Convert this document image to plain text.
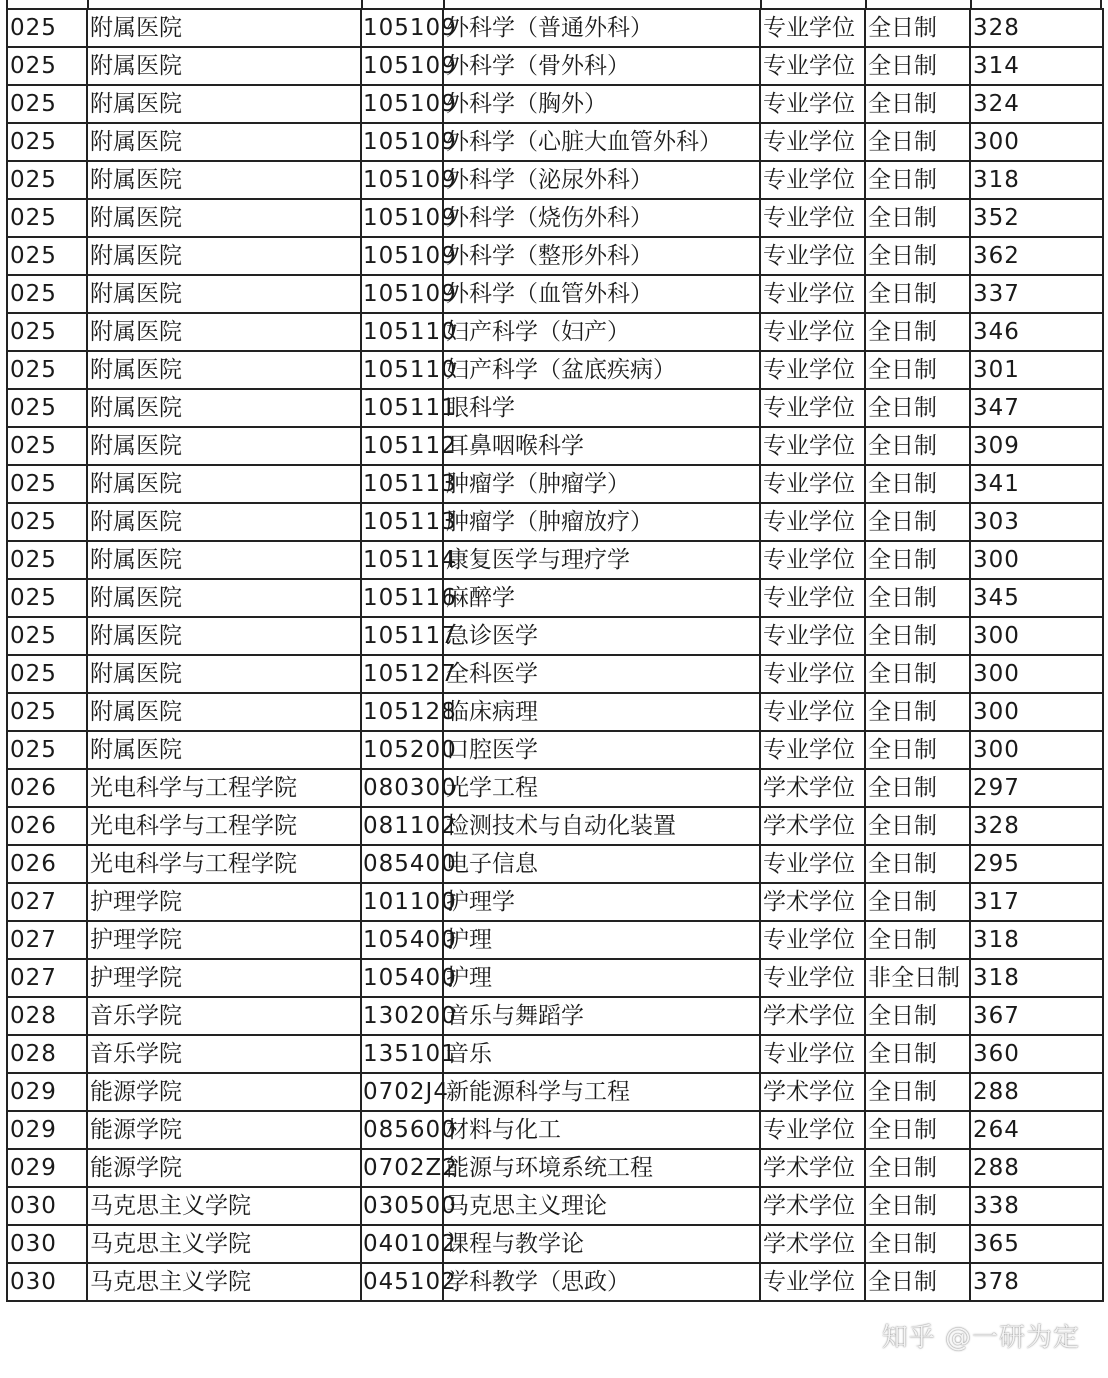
025	附属医院	105109	外科学（普通外科）	专业学位	全日制	328
025	附属医院	105109	外科学（骨外科）	专业学位	全日制	314
025	附属医院	105109	外科学（胸外）	专业学位	全日制	324
025	附属医院	105109	外科学（心脏大血管外科）	专业学位	全日制	300
025	附属医院	105109	外科学（泌尿外科）	专业学位	全日制	318
025	附属医院	105109	外科学（烧伤外科）	专业学位	全日制	352
025	附属医院	105109	外科学（整形外科）	专业学位	全日制	362
025	附属医院	105109	外科学（血管外科）	专业学位	全日制	337
025	附属医院	105110	妇产科学（妇产）	专业学位	全日制	346
025	附属医院	105110	妇产科学（盆底疾病）	专业学位	全日制	301
025	附属医院	105111	眼科学	专业学位	全日制	347
025	附属医院	105112	耳鼻咽喉科学	专业学位	全日制	309
025	附属医院	105113	肿瘤学（肿瘤学）	专业学位	全日制	341
025	附属医院	105113	肿瘤学（肿瘤放疗）	专业学位	全日制	303
025	附属医院	105114	康复医学与理疗学	专业学位	全日制	300
025	附属医院	105116	麻醉学	专业学位	全日制	345
025	附属医院	105117	急诊医学	专业学位	全日制	300
025	附属医院	105127	全科医学	专业学位	全日制	300
025	附属医院	105128	临床病理	专业学位	全日制	300
025	附属医院	105200	口腔医学	专业学位	全日制	300
026	光电科学与工程学院	080300	光学工程	学术学位	全日制	297
026	光电科学与工程学院	081102	检测技术与自动化装置	学术学位	全日制	328
026	光电科学与工程学院	085400	电子信息	专业学位	全日制	295
027	护理学院	101100	护理学	学术学位	全日制	317
027	护理学院	105400	护理	专业学位	全日制	318
027	护理学院	105400	护理	专业学位	非全日制	318
028	音乐学院	130200	音乐与舞蹈学	学术学位	全日制	367
028	音乐学院	135101	音乐	专业学位	全日制	360
029	能源学院	0702J4	新能源科学与工程	学术学位	全日制	288
029	能源学院	085600	材料与化工	专业学位	全日制	264
029	能源学院	0702Z2	能源与环境系统工程	学术学位	全日制	288
030	马克思主义学院	030500	马克思主义理论	学术学位	全日制	338
030	马克思主义学院	040102	课程与教学论	学术学位	全日制	365
030	马克思主义学院	045102	学科教学（思政）	专业学位	全日制	378
知乎 @一研为定
